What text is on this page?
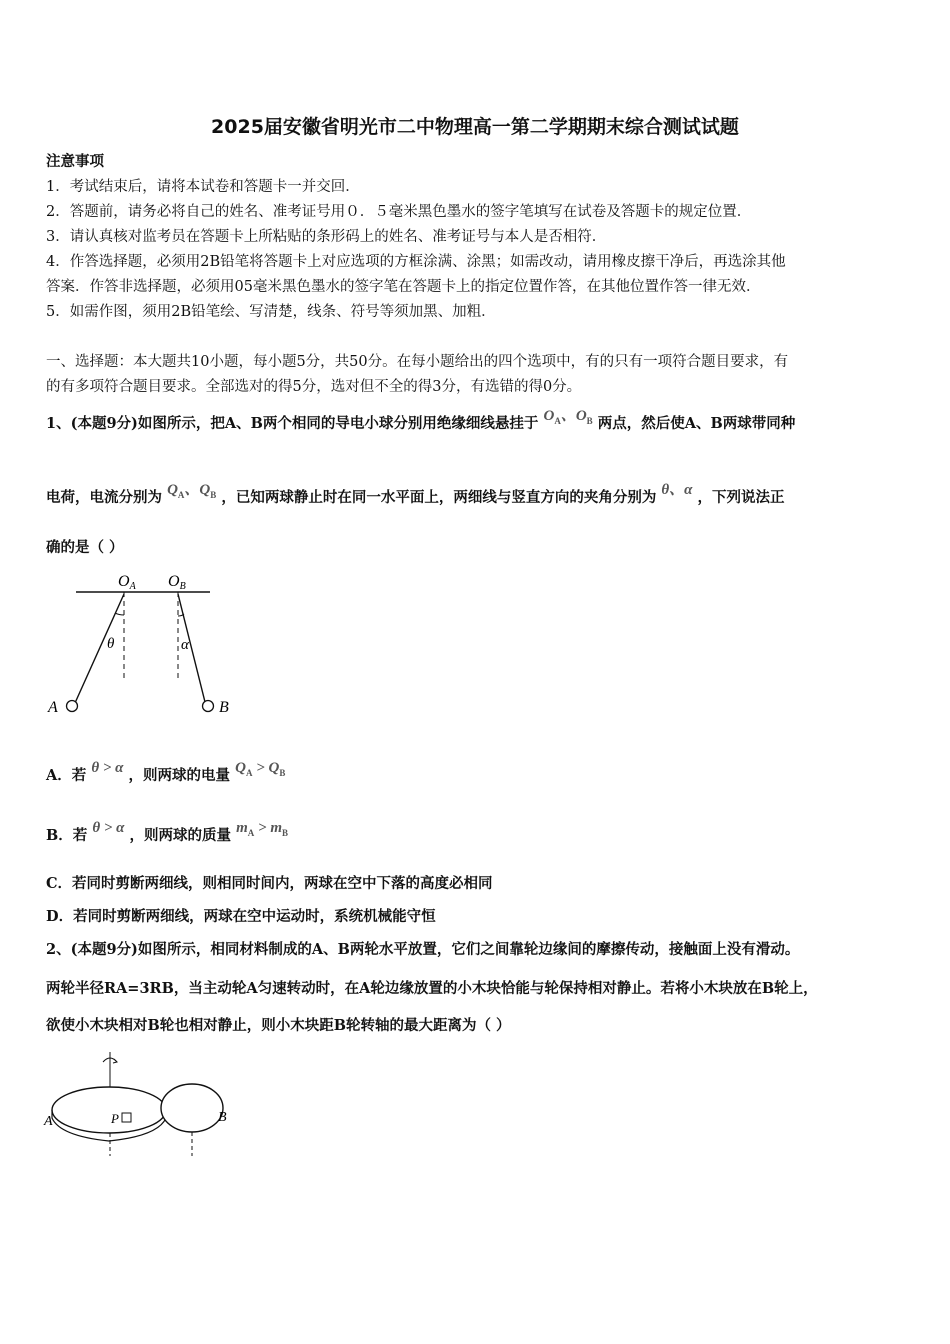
2025届安徽省明光市二中物理高一第二学期期末综合测试试题
注意事项
1．考试结束后，请将本试卷和答题卡一并交回．
2．答题前，请务必将自己的姓名、准考证号用０．５毫米黑色墨水的签字笔填写在试卷及答题卡的规定位置．
3．请认真核对监考员在答题卡上所粘贴的条形码上的姓名、准考证号与本人是否相符．
4．作答选择题，必须用2B铅笔将答题卡上对应选项的方框涂满、涂黑；如需改动，请用橡皮擦干净后，再选涂其他
答案．作答非选择题，必须用05毫米黑色墨水的签字笔在答题卡上的指定位置作答，在其他位置作答一律无效．
5．如需作图，须用2B铅笔绘、写清楚，线条、符号等须加黑、加粗．
一、选择题：本大题共10小题，每小题5分，共50分。在每小题给出的四个选项中，有的只有一项符合题目要求，有
的有多项符合题目要求。全部选对的得5分，选对但不全的得3分，有选错的得0分。
1、(本题9分)如图所示，把A、B两个相同的导电小球分别用绝缘细线悬挂于 $O_A$、$O_B$ 两点，然后使A、B两球带同种
电荷，电流分别为 $Q_A$、$Q_B$ ，已知两球静止时在同一水平面上，两细线与竖直方向的夹角分别为 θ、α ，下列说法正
确的是（ ）
OA OB
θ	α
A	B
A．若 θ > α ，则两球的电量 $Q_A > Q_B$
B．若 θ > α ，则两球的质量 $m_A > m_B$
C．若同时剪断两细线，则相同时间内，两球在空中下落的高度必相同
D．若同时剪断两细线，两球在空中运动时，系统机械能守恒
2、(本题9分)如图所示，相同材料制成的A、B两轮水平放置，它们之间靠轮边缘间的摩擦传动，接触面上没有滑动。
两轮半径RA=3RB，当主动轮A匀速转动时，在A轮边缘放置的小木块恰能与轮保持相对静止。若将小木块放在B轮上，
欲使小木块相对B轮也相对静止，则小木块距B轮转轴的最大距离为（ ）
P
A	B
